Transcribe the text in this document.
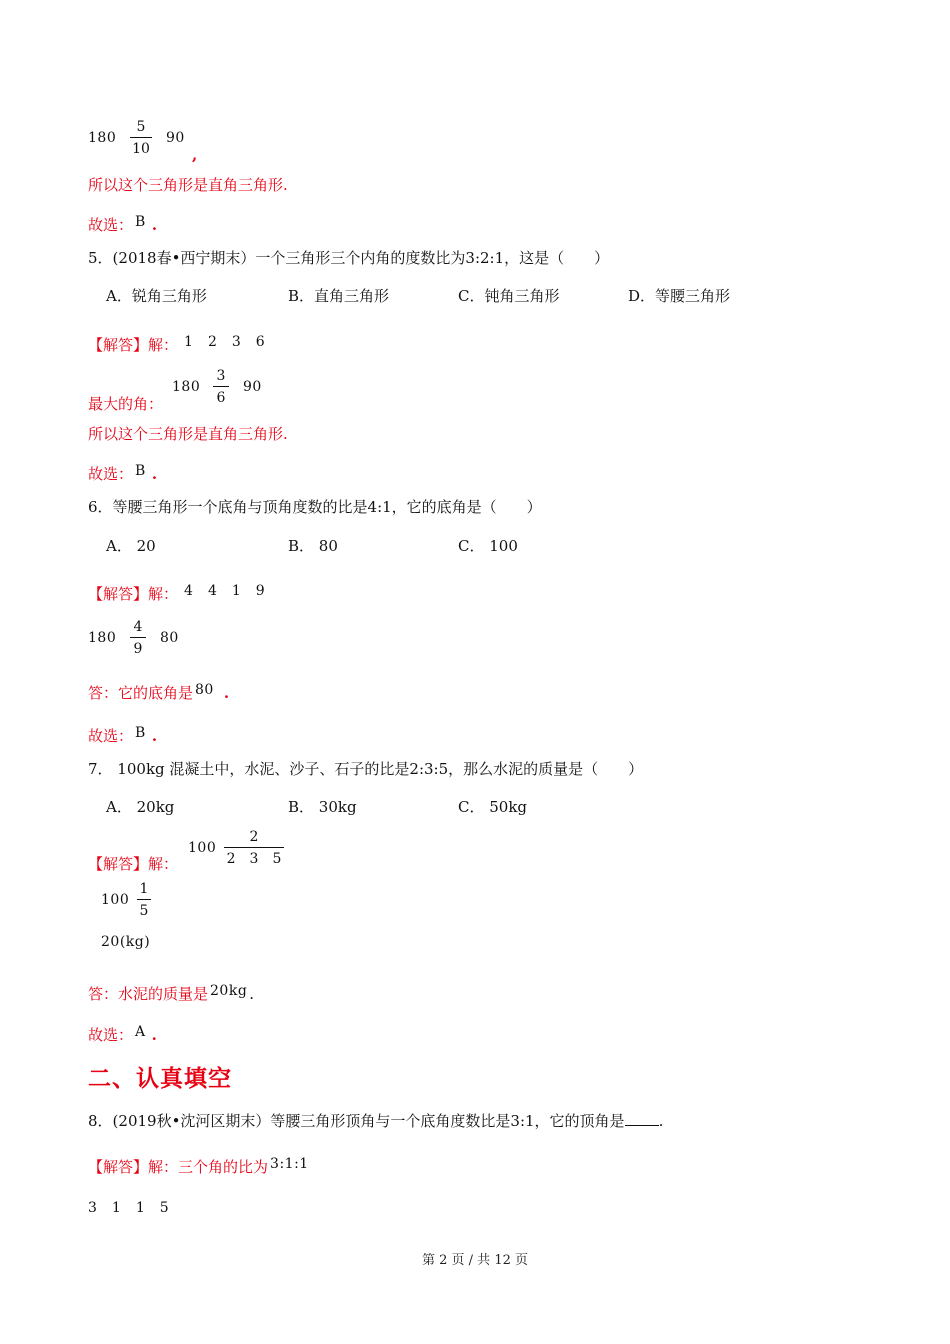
180
5
10
90
,
所以这个三角形是直角三角形.
故选： B .
5．(2018春•西宁期末）一个三角形三个内角的度数比为3:2:1，这是（　　）
A．锐角三角形	B．直角三角形	C．钝角三角形	D．等腰三角形
【解答】解： 1　2　3　6
180
3
6
90
最大的角：
所以这个三角形是直角三角形.
故选： B .
6．等腰三角形一个底角与顶角度数的比是4:1，它的底角是（　　）
A． 20	B． 80	C． 100
【解答】解： 4　4　1　9
180
4
9
80
答：它的底角是 80 .
故选： B .
7． 100kg 混凝土中，水泥、沙子、石子的比是2:3:5，那么水泥的质量是（　　）
A． 20kg	B． 30kg	C． 50kg
100
2
2　3　5
【解答】解：
100
1
5
20(kg)
答：水泥的质量是 20kg .
故选： A .
二、认真填空
8．(2019秋•沈河区期末）等腰三角形顶角与一个底角度数比是3:1，它的顶角是 .
【解答】解：三个角的比为 3:1:1
3　1　1　5
第 2 页 / 共 12 页
